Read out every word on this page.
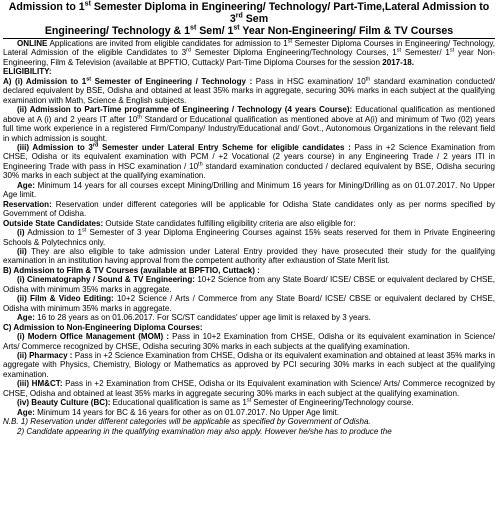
Admission to 1st Semester Diploma in Engineering/ Technology/ Part-Time,Lateral Admission to 3rd Sem
Engineering/ Technology & 1st Sem/ 1st Year Non-Engineering/ Film & TV Courses

ONLINE Applications are invited from eligible candidates for admission to 1st Semester Diploma Courses in Engineering/ Technology, Lateral Admission of the eligible Candidates to 3rd Semester Diploma Engineering/Technology Courses, 1st Semester/ 1st year Non-Engineering, Film & Television (available at BPFTIO, Cuttack)/ Part-Time Diploma Courses for the session 2017-18.

ELIGIBILITY:

A) (i) Admission to 1st Semester of Engineering / Technology : Pass in HSC examination/ 10th standard examination conducted/ declared equivalent by BSE, Odisha and obtained at least 35% marks in aggregate, securing 30% marks in each subject at the qualifying examination with Math, Science & English subjects.

(ii) Admission to Part-Time programme of Engineering / Technology (4 years Course): Educational qualification as mentioned above at A (i) and 2 years IT after 10th Standard or Educational qualification as mentioned above at A(i) and minimum of Two (02) years full time work experience in a registered Firm/Company/ Industry/Educational and/ Govt., Autonomous Organizations in the relevant field in which admission is sought.

(iii) Admission to 3rd Semester under Lateral Entry Scheme for eligible candidates : Pass in +2 Science Examination from CHSE, Odisha or its equivalent examination with PCM / +2 Vocational (2 years course) in any Engineering Trade / 2 years ITI in Engineering Trade with pass in HSC examination / 10th standard examination conducted / declared equivalent by BSE, Odisha securing 30% marks in each subject at the qualifying examination.

Age: Minimum 14 years for all courses except Mining/Drilling and Minimum 16 years for Mining/Drilling as on 01.07.2017. No Upper Age limit.

Reservation: Reservation under different categories will be applicable for Odisha State candidates only as per norms specified by Government of Odisha.

Outside State Candidates: Outside State candidates fulfilling eligibility criteria are also eligible for:

(i) Admission to 1st Semester of 3 year Diploma Engineering Courses against 15% seats reserved for them in Private Engineering Schools & Polytechnics only.

(ii) They are also eligible to take admission under Lateral Entry provided they have prosecuted their study for the qualifying examination in an institution having approval from the competent authority after exhaustion of State Merit list.

B) Admission to Film & TV Courses (available at BPFTIO, Cuttack) :

(i) Cinematography / Sound & TV Engineering: 10+2 Science from any State Board/ ICSE/ CBSE or equivalent declared by CHSE, Odisha with minimum 35% marks in aggregate.

(ii) Film & Video Editing: 10+2 Science / Arts / Commerce from any State Board/ ICSE/ CBSE or equivalent declared by CHSE, Odisha with minimum 35% marks in aggregate.

Age: 16 to 28 years as on 01.06.2017. For SC/ST candidates' upper age limit is relaxed by 3 years.

C) Admission to Non-Engineering Diploma Courses:

(i) Modern Office Management (MOM) : Pass in 10+2 Examination from CHSE, Odisha or its equivalent examination in Science/ Arts/ Commerce recognized by CHSE, Odisha securing 30% marks in each subjects at the qualifying examination.

(ii) Pharmacy : Pass in +2 Science Examination from CHSE, Odisha or its equivalent examination and obtained at least 35% marks in aggregate with Physics, Chemistry, Biology or Mathematics as approved by PCI securing 30% marks in each subject at the qualifying examination.

(iii) HM&CT: Pass in +2 Examination from CHSE, Odisha or its Equivalent examination with Science/ Arts/ Commerce recognized by CHSE, Odisha and obtained at least 35% marks in aggregate securing 30% marks in each subject at the qualifying examination.

(iv) Beauty Culture (BC): Educational qualification is same as 1st Semester of Engineering/Technology course.

Age: Minimum 14 years for BC & 16 years for other as on 01.07.2017. No Upper Age limit.

N.B. 1) Reservation under different categories will be applicable as specified by Government of Odisha.

2) Candidate appearing in the qualifying examination may also apply. However he/she has to produce the
